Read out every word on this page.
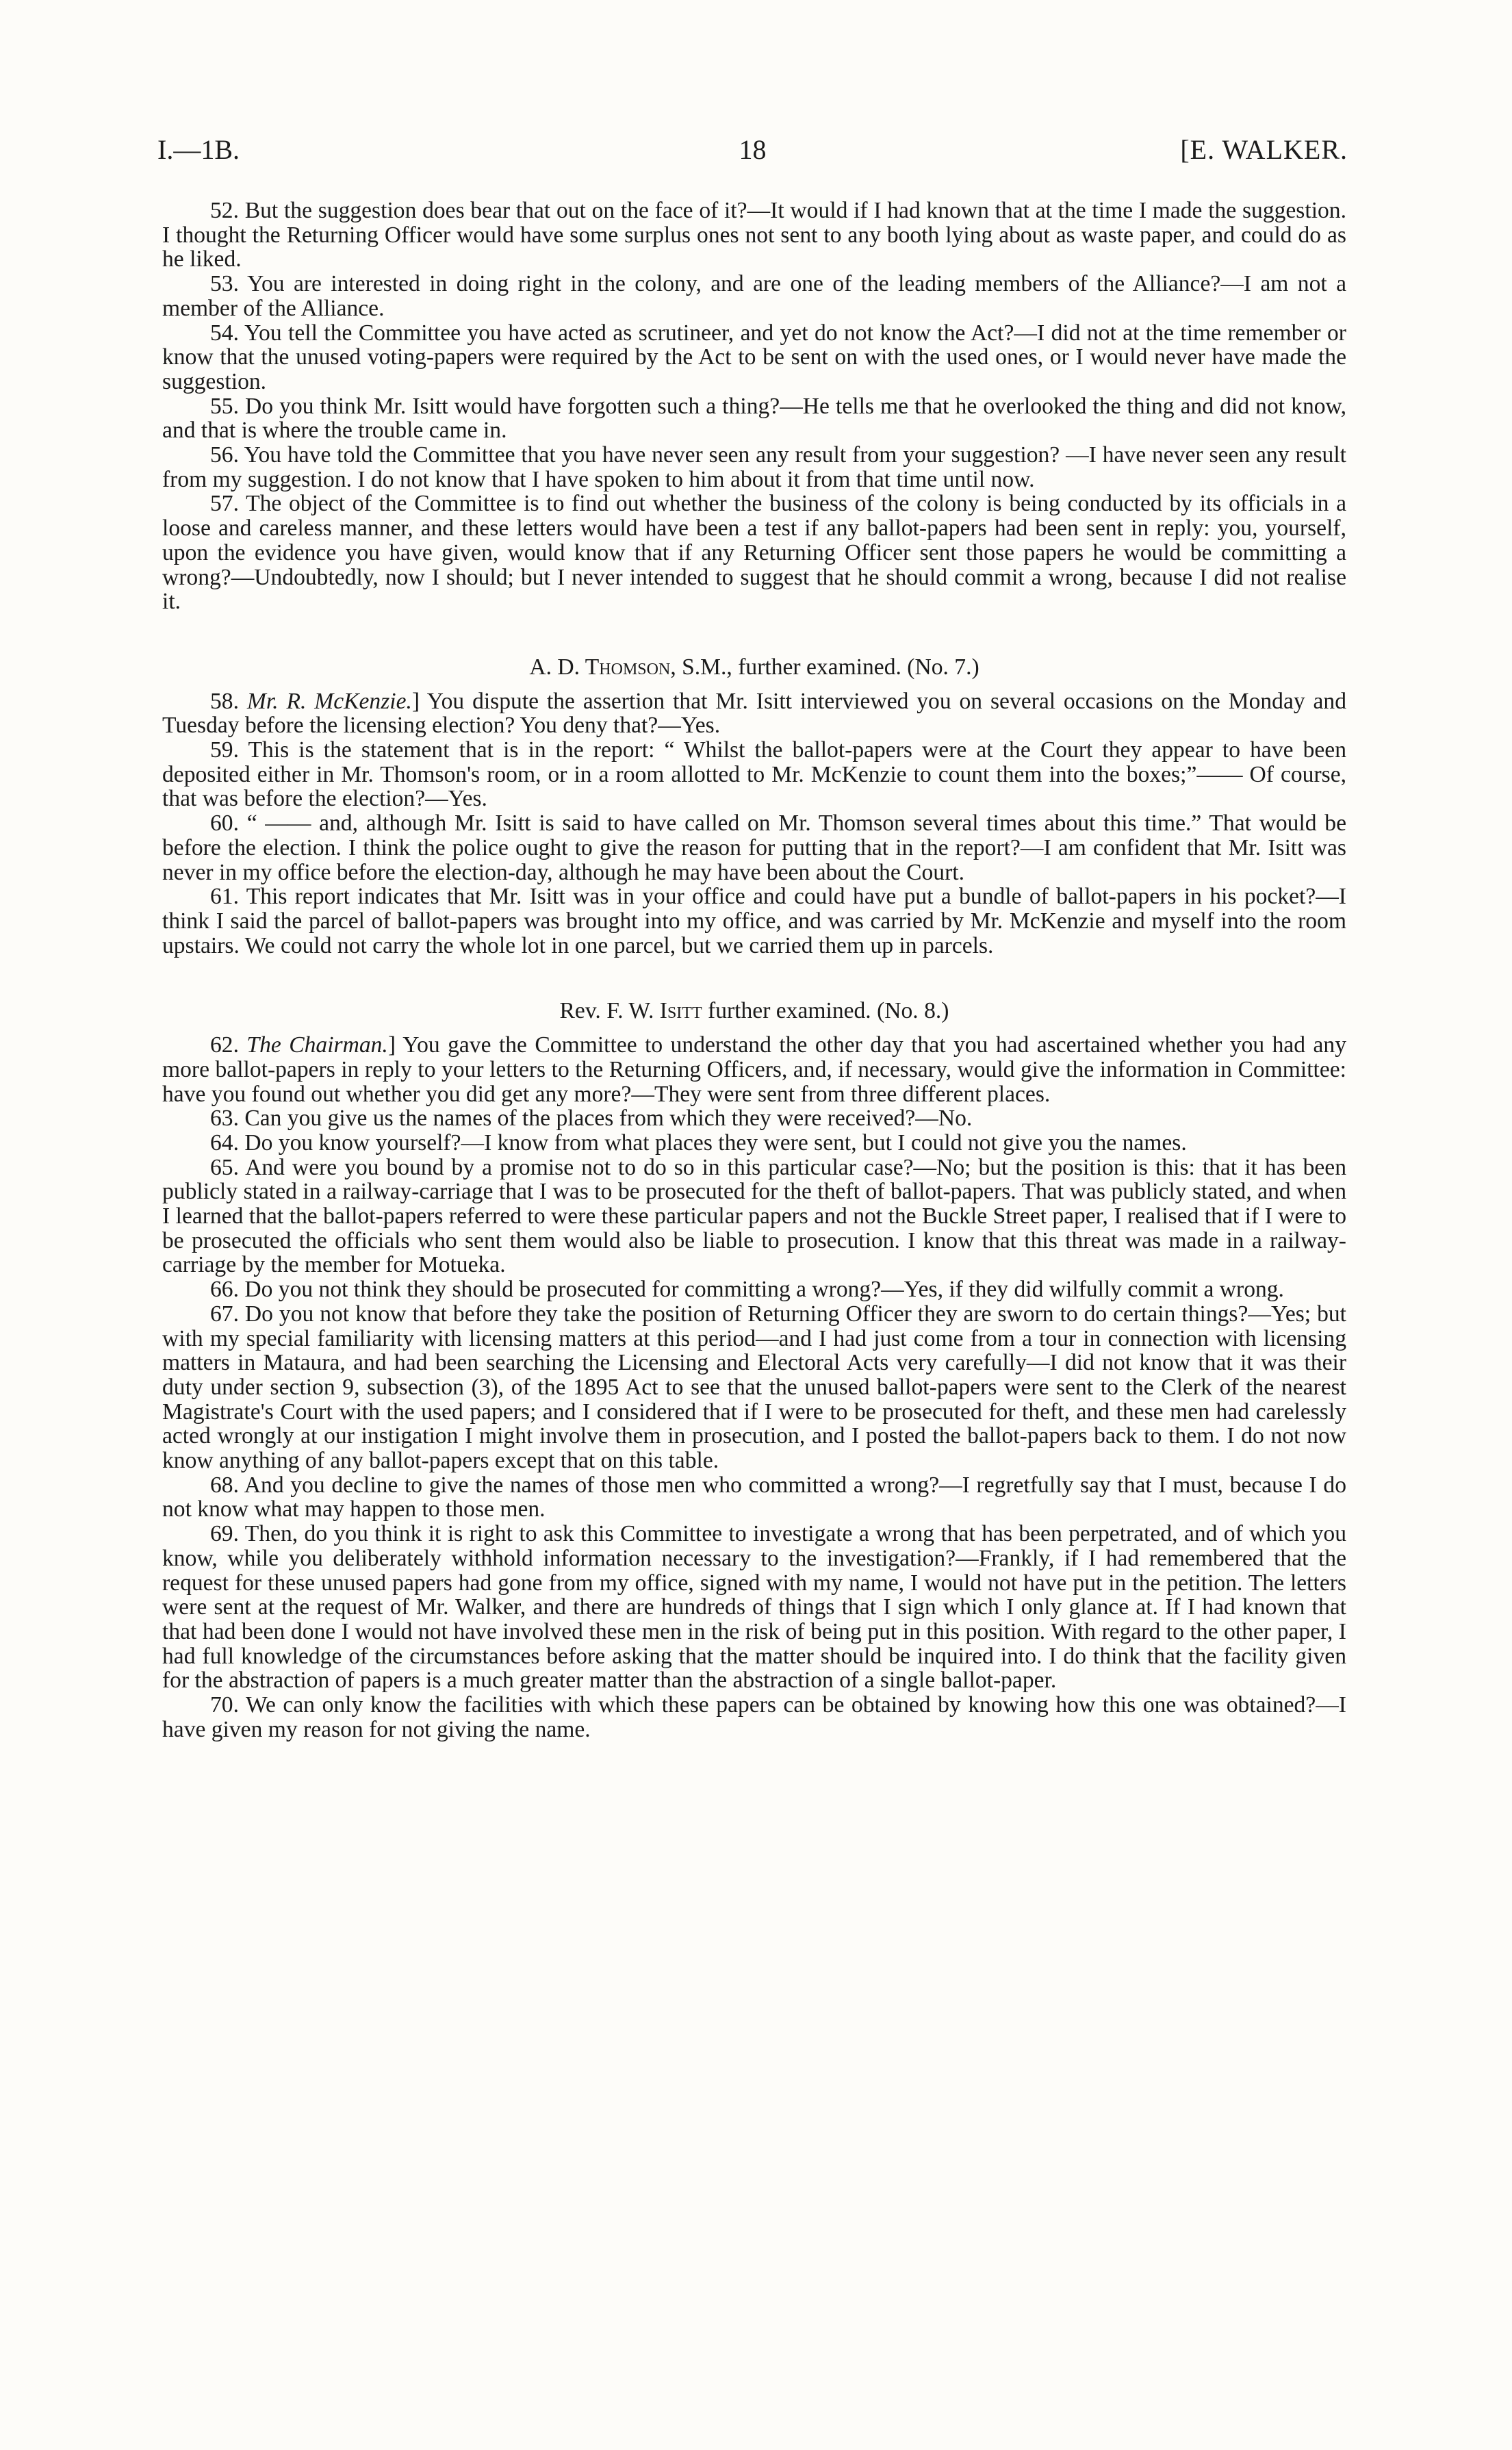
I.—1B.	18	[E. WALKER.

52. But the suggestion does bear that out on the face of it?—It would if I had known that at the time I made the suggestion. I thought the Returning Officer would have some surplus ones not sent to any booth lying about as waste paper, and could do as he liked.

53. You are interested in doing right in the colony, and are one of the leading members of the Alliance?—I am not a member of the Alliance.

54. You tell the Committee you have acted as scrutineer, and yet do not know the Act?—I did not at the time remember or know that the unused voting-papers were required by the Act to be sent on with the used ones, or I would never have made the suggestion.

55. Do you think Mr. Isitt would have forgotten such a thing?—He tells me that he overlooked the thing and did not know, and that is where the trouble came in.

56. You have told the Committee that you have never seen any result from your suggestion? —I have never seen any result from my suggestion. I do not know that I have spoken to him about it from that time until now.

57. The object of the Committee is to find out whether the business of the colony is being conducted by its officials in a loose and careless manner, and these letters would have been a test if any ballot-papers had been sent in reply: you, yourself, upon the evidence you have given, would know that if any Returning Officer sent those papers he would be committing a wrong?—Undoubtedly, now I should; but I never intended to suggest that he should commit a wrong, because I did not realise it.

A. D. Thomson, S.M., further examined. (No. 7.)

58. Mr. R. McKenzie.] You dispute the assertion that Mr. Isitt interviewed you on several occasions on the Monday and Tuesday before the licensing election? You deny that?—Yes.

59. This is the statement that is in the report: “ Whilst the ballot-papers were at the Court they appear to have been deposited either in Mr. Thomson's room, or in a room allotted to Mr. McKenzie to count them into the boxes;”—— Of course, that was before the election?—Yes.

60. “ —— and, although Mr. Isitt is said to have called on Mr. Thomson several times about this time.” That would be before the election. I think the police ought to give the reason for putting that in the report?—I am confident that Mr. Isitt was never in my office before the election-day, although he may have been about the Court.

61. This report indicates that Mr. Isitt was in your office and could have put a bundle of ballot-papers in his pocket?—I think I said the parcel of ballot-papers was brought into my office, and was carried by Mr. McKenzie and myself into the room upstairs. We could not carry the whole lot in one parcel, but we carried them up in parcels.

Rev. F. W. Isitt further examined. (No. 8.)

62. The Chairman.] You gave the Committee to understand the other day that you had ascertained whether you had any more ballot-papers in reply to your letters to the Returning Officers, and, if necessary, would give the information in Committee: have you found out whether you did get any more?—They were sent from three different places.

63. Can you give us the names of the places from which they were received?—No.

64. Do you know yourself?—I know from what places they were sent, but I could not give you the names.

65. And were you bound by a promise not to do so in this particular case?—No; but the position is this: that it has been publicly stated in a railway-carriage that I was to be prosecuted for the theft of ballot-papers. That was publicly stated, and when I learned that the ballot-papers referred to were these particular papers and not the Buckle Street paper, I realised that if I were to be prosecuted the officials who sent them would also be liable to prosecution. I know that this threat was made in a railway-carriage by the member for Motueka.

66. Do you not think they should be prosecuted for committing a wrong?—Yes, if they did wilfully commit a wrong.

67. Do you not know that before they take the position of Returning Officer they are sworn to do certain things?—Yes; but with my special familiarity with licensing matters at this period—and I had just come from a tour in connection with licensing matters in Mataura, and had been searching the Licensing and Electoral Acts very carefully—I did not know that it was their duty under section 9, subsection (3), of the 1895 Act to see that the unused ballot-papers were sent to the Clerk of the nearest Magistrate's Court with the used papers; and I considered that if I were to be prosecuted for theft, and these men had carelessly acted wrongly at our instigation I might involve them in prosecution, and I posted the ballot-papers back to them. I do not now know anything of any ballot-papers except that on this table.

68. And you decline to give the names of those men who committed a wrong?—I regretfully say that I must, because I do not know what may happen to those men.

69. Then, do you think it is right to ask this Committee to investigate a wrong that has been perpetrated, and of which you know, while you deliberately withhold information necessary to the investigation?—Frankly, if I had remembered that the request for these unused papers had gone from my office, signed with my name, I would not have put in the petition. The letters were sent at the request of Mr. Walker, and there are hundreds of things that I sign which I only glance at. If I had known that that had been done I would not have involved these men in the risk of being put in this position. With regard to the other paper, I had full knowledge of the circumstances before asking that the matter should be inquired into. I do think that the facility given for the abstraction of papers is a much greater matter than the abstraction of a single ballot-paper.

70. We can only know the facilities with which these papers can be obtained by knowing how this one was obtained?—I have given my reason for not giving the name.
